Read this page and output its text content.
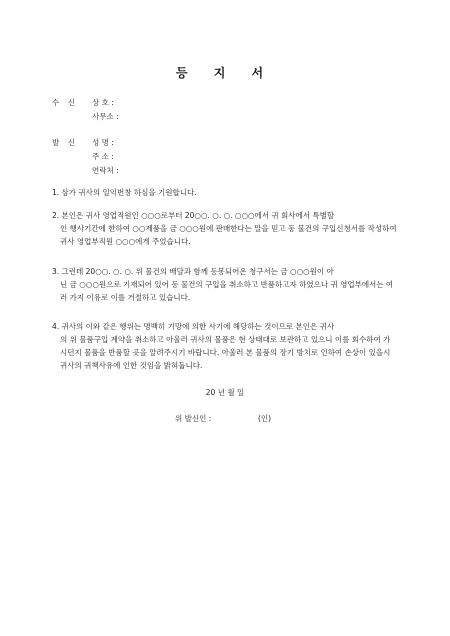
등 지 서
수 신 상 호 :
사무소 :
발 신 성 명 :
주 소 :
연락처 :

1. 삼가 귀사의 일익번창 하심을 기원합니다.

2. 본인은 귀사 영업직원인 ○○○로부터 20○○. ○. ○. ○○○에서 귀 회사에서 특별할

인 행사기간에 한하여 ○○제품을 금 ○○○원에 판매한다는 말을 믿고 동 물건의 구입신청서를 작성하여 귀사 영업부직원 ○○○에게 주었습니다.

3. 그런데 20○○. ○. ○. 위 물건의 배달과 함께 동봉되어온 청구서는 금 ○○○원이 아

닌 금 ○○○원으로 기재되어 있어 동 물건의 구입을 취소하고 반품하고자 하였으나 귀 영업부에서는 여러 가지 이유로 이를 거절하고 있습니다.

4. 귀사의 이와 같은 행위는 명백히 기망에 의한 사기에 해당하는 것이므로 본인은 귀사

의 위 물품구입 계약을 취소하고 아울러 귀사의 물품은 현 상태대로 보관하고 있으니 이를 회수하여 가시던지 물품을 반품할 곳을 알려주시기 바랍니다. 아울러 본 물품의 장기 방치로 인하여 손상이 있을시 귀사의 귀책사유에 인한 것임을 밝혀둡니다.

20 년 월 일
위 발신인 :	(인)
